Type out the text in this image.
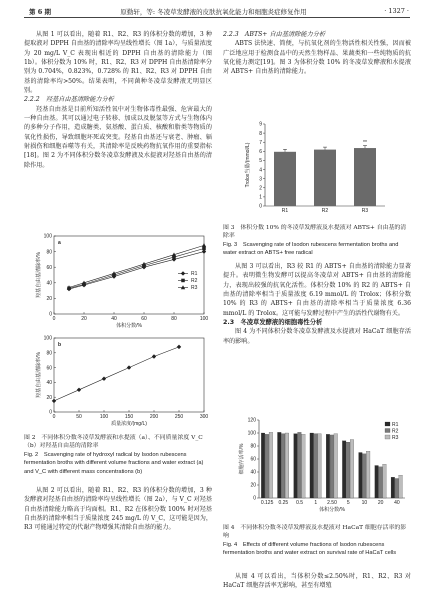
第 6 期	原勤轩，等: 冬凌草发酵液的皮肤抗氧化能力和细胞炎症修复作用	· 1327 ·

从图 1 可以看出，随着 R1、R2、R3 的体积分数的增加，3 种提取液对 DPPH 自由基的清除率均呈线性增长（图 1a），与质量浓度为 20 mg/L V_C 表现出相近的 DPPH 自由基的清除能力（图 1b）。体积分数为 10% 时，R1、R2、R3 对 DPPH 自由基清除率分别为 0.704%，0.823%，0.728% 的 R1、R2、R3 对 DPPH 自由基的清除率均>50%。结果表明，不同菌种冬凌草发酵液无明显区别。

2.2.2　羟基自由基清除能力分析

羟基自由基是目前所知活性氧中对生物体毒性最强、危害最大的一种自由基。其可以通过电子转移、加成以及脱氢等方式与生物体内的多种分子作用，造成糖类、氨基酸、蛋白质、核酸和脂类等物质的氧化性损伤，导致细胞坏死或突变。羟基自由基还与衰老、肿瘤、辐射损伤和细胞吞噬等有关，其清除率是反映药物抗氧作用的重要指标[18]。图 2 为不同体积分数冬凌草发酵液及水提液对羟基自由基的清除作用。

0
20
40
60
80
100
0	20	40	60	80	100
体积分数/%
羟基自由基清除率/%
a
R1
R2
R3
0
20
40
60
80
100
0	50	100	150	200	250	300
质量浓度/(mg/L)
羟基自由基清除率/%
b
图 2　不同体积分数冬凌草发酵液和水提液（a）、不同质量浓度 V_C（b）对羟基自由基的清除率
Fig. 2　Scavenging rate of hydroxyl radical by Isodon rubescens fermentation broths with different volume fractions and water extract (a) and V_C with different mass concentrations (b)

从图 2 可以看出，随着 R1、R2、R3 的体积分数的增加，3 种发酵液对羟基自由基的清除率均呈线性增长（图 2a），与 V_C 对羟基自由基清除能力略高于均面相。R1、R2 在体积分数 100% 时对羟基自由基的清除率相当于质量浓度 245 mg/L 的 V_C，这可能是因为，R3 可能通过特定的代谢产物增强其清除自由基的能力。

2.2.3　ABTS+ 自由基清除能力分析

ABTS 法快速、简便，与抗氧化剂的生物活性相关性强，因而被广泛地应用于检测食品中的天然生物样品、果蔬类和一些纯物质的抗氧化能力测定[19]。图 3 为体积分数 10% 的冬凌草发酵液和水提液对 ABTS+ 自由基的清除能力。

0
1
2
3
4
5
6
7
8
9
Trolox当量/(mmol/L)
R1	R2	R3
**
图 3　体积分数 10% 的冬凌草发酵液及水提液对 ABTS+ 自由基的清除率
Fig. 3　Scavenging rate of Isodon rubescens fermentation broths and water extract on ABTS+ free radical

从图 3 可以看出，R3 较 R1 的 ABTS+ 自由基的清除能力显著提升。表明微生物发酵可以提高冬凌草对 ABTS+ 自由基的清除能力，表现出较强的抗氧化活性。体积分数 10% 的 R2 的 ABTS+ 自由基的清除率相当于质量浓度 6.19 mmol/L 的 Trolox；体积分数 10% 的 R3 的 ABTS+ 自由基的清除率相当于质量浓度 6.36 mmol/L 的 Trolox。这可能与发酵过程中产生的活性代谢物有关。

2.3　冬凌草发酵液的细胞毒性分析

图 4 为不同体积分数冬凌草发酵液及水提液对 HaCaT 细胞存活率的影响。

0
20
40
60
80
100
120
细胞存活率/%
体积分数/%
0.125 0.25 0.5 1 2.50 5 10 20 40
R1
R2
R3
图 4　不同体积分数冬凌草发酵液及水提液对 HaCaT 细胞存活率的影响
Fig. 4　Effects of different volume fractions of Isodon rubescens fermentation broths and water extract on survival rate of HaCaT cells

从图 4 可以看出，当体积分数≤2.50%时，R1、R2、R3 对 HaCaT 细胞存活率无影响，甚至有增殖
